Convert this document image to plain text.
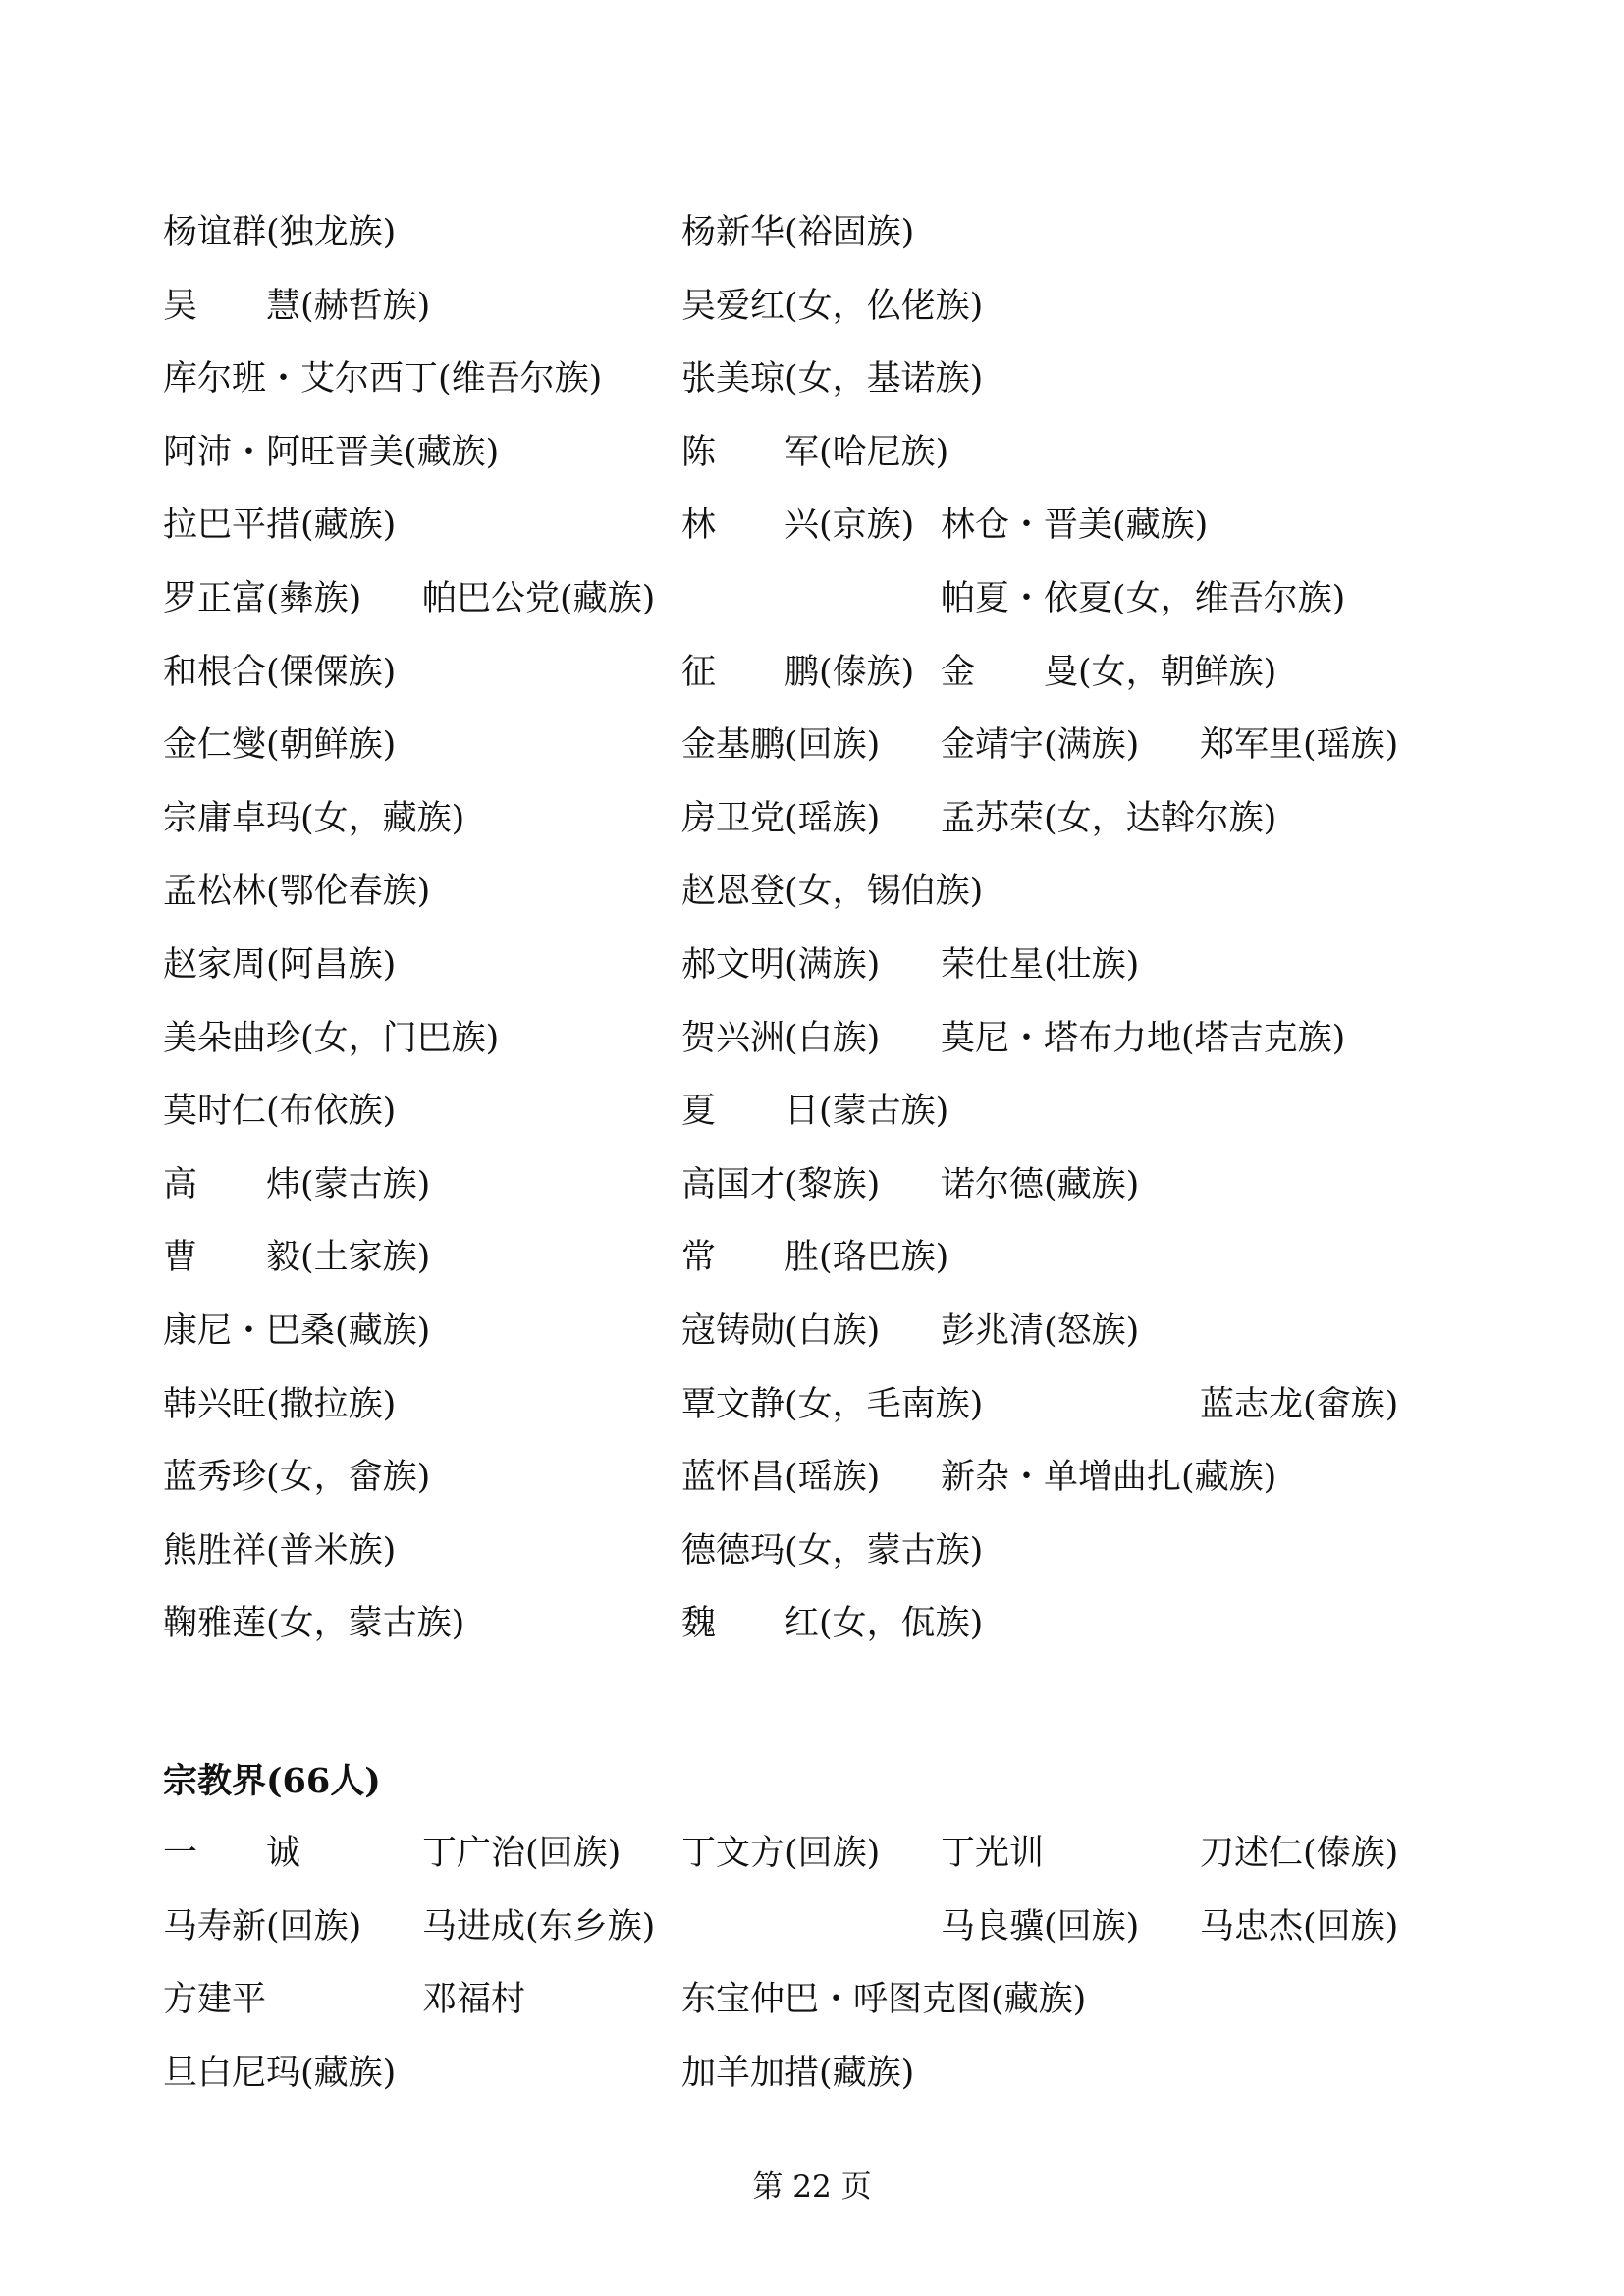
杨谊群(独龙族)	杨新华(裕固族)
吴　　慧(赫哲族)	吴爱红(女，仫佬族)
库尔班・艾尔西丁(维吾尔族) 张美琼(女，基诺族)
阿沛・阿旺晋美(藏族)	陈　　军(哈尼族)
拉巴平措(藏族)	林　　兴(京族) 林仓・晋美(藏族)
罗正富(彝族) 帕巴公党(藏族)	帕夏・依夏(女，维吾尔族)
和根合(傈僳族)	征　　鹏(傣族) 金　　曼(女，朝鲜族)
金仁燮(朝鲜族)	金基鹏(回族) 金靖宇(满族) 郑军里(瑶族)
宗庸卓玛(女，藏族)	房卫党(瑶族) 孟苏荣(女，达斡尔族)
孟松林(鄂伦春族)	赵恩登(女，锡伯族)
赵家周(阿昌族)	郝文明(满族) 荣仕星(壮族)
美朵曲珍(女，门巴族)	贺兴洲(白族) 莫尼・塔布力地(塔吉克族)
莫时仁(布依族)	夏　　日(蒙古族)
高　　炜(蒙古族)	高国才(黎族) 诺尔德(藏族)
曹　　毅(土家族)	常　　胜(珞巴族)
康尼・巴桑(藏族)	寇铸勋(白族) 彭兆清(怒族)
韩兴旺(撒拉族)	覃文静(女，毛南族)	蓝志龙(畲族)
蓝秀珍(女，畲族)	蓝怀昌(瑶族) 新杂・单增曲扎(藏族)
熊胜祥(普米族)	德德玛(女，蒙古族)
鞠雅莲(女，蒙古族)	魏　　红(女，佤族)
宗教界(66人)
一　　诚	丁广治(回族) 丁文方(回族) 丁光训	刀述仁(傣族)
马寿新(回族) 马进成(东乡族)	马良骥(回族) 马忠杰(回族)
方建平	邓福村	东宝仲巴・呼图克图(藏族)
旦白尼玛(藏族)	加羊加措(藏族)
第 22 页
